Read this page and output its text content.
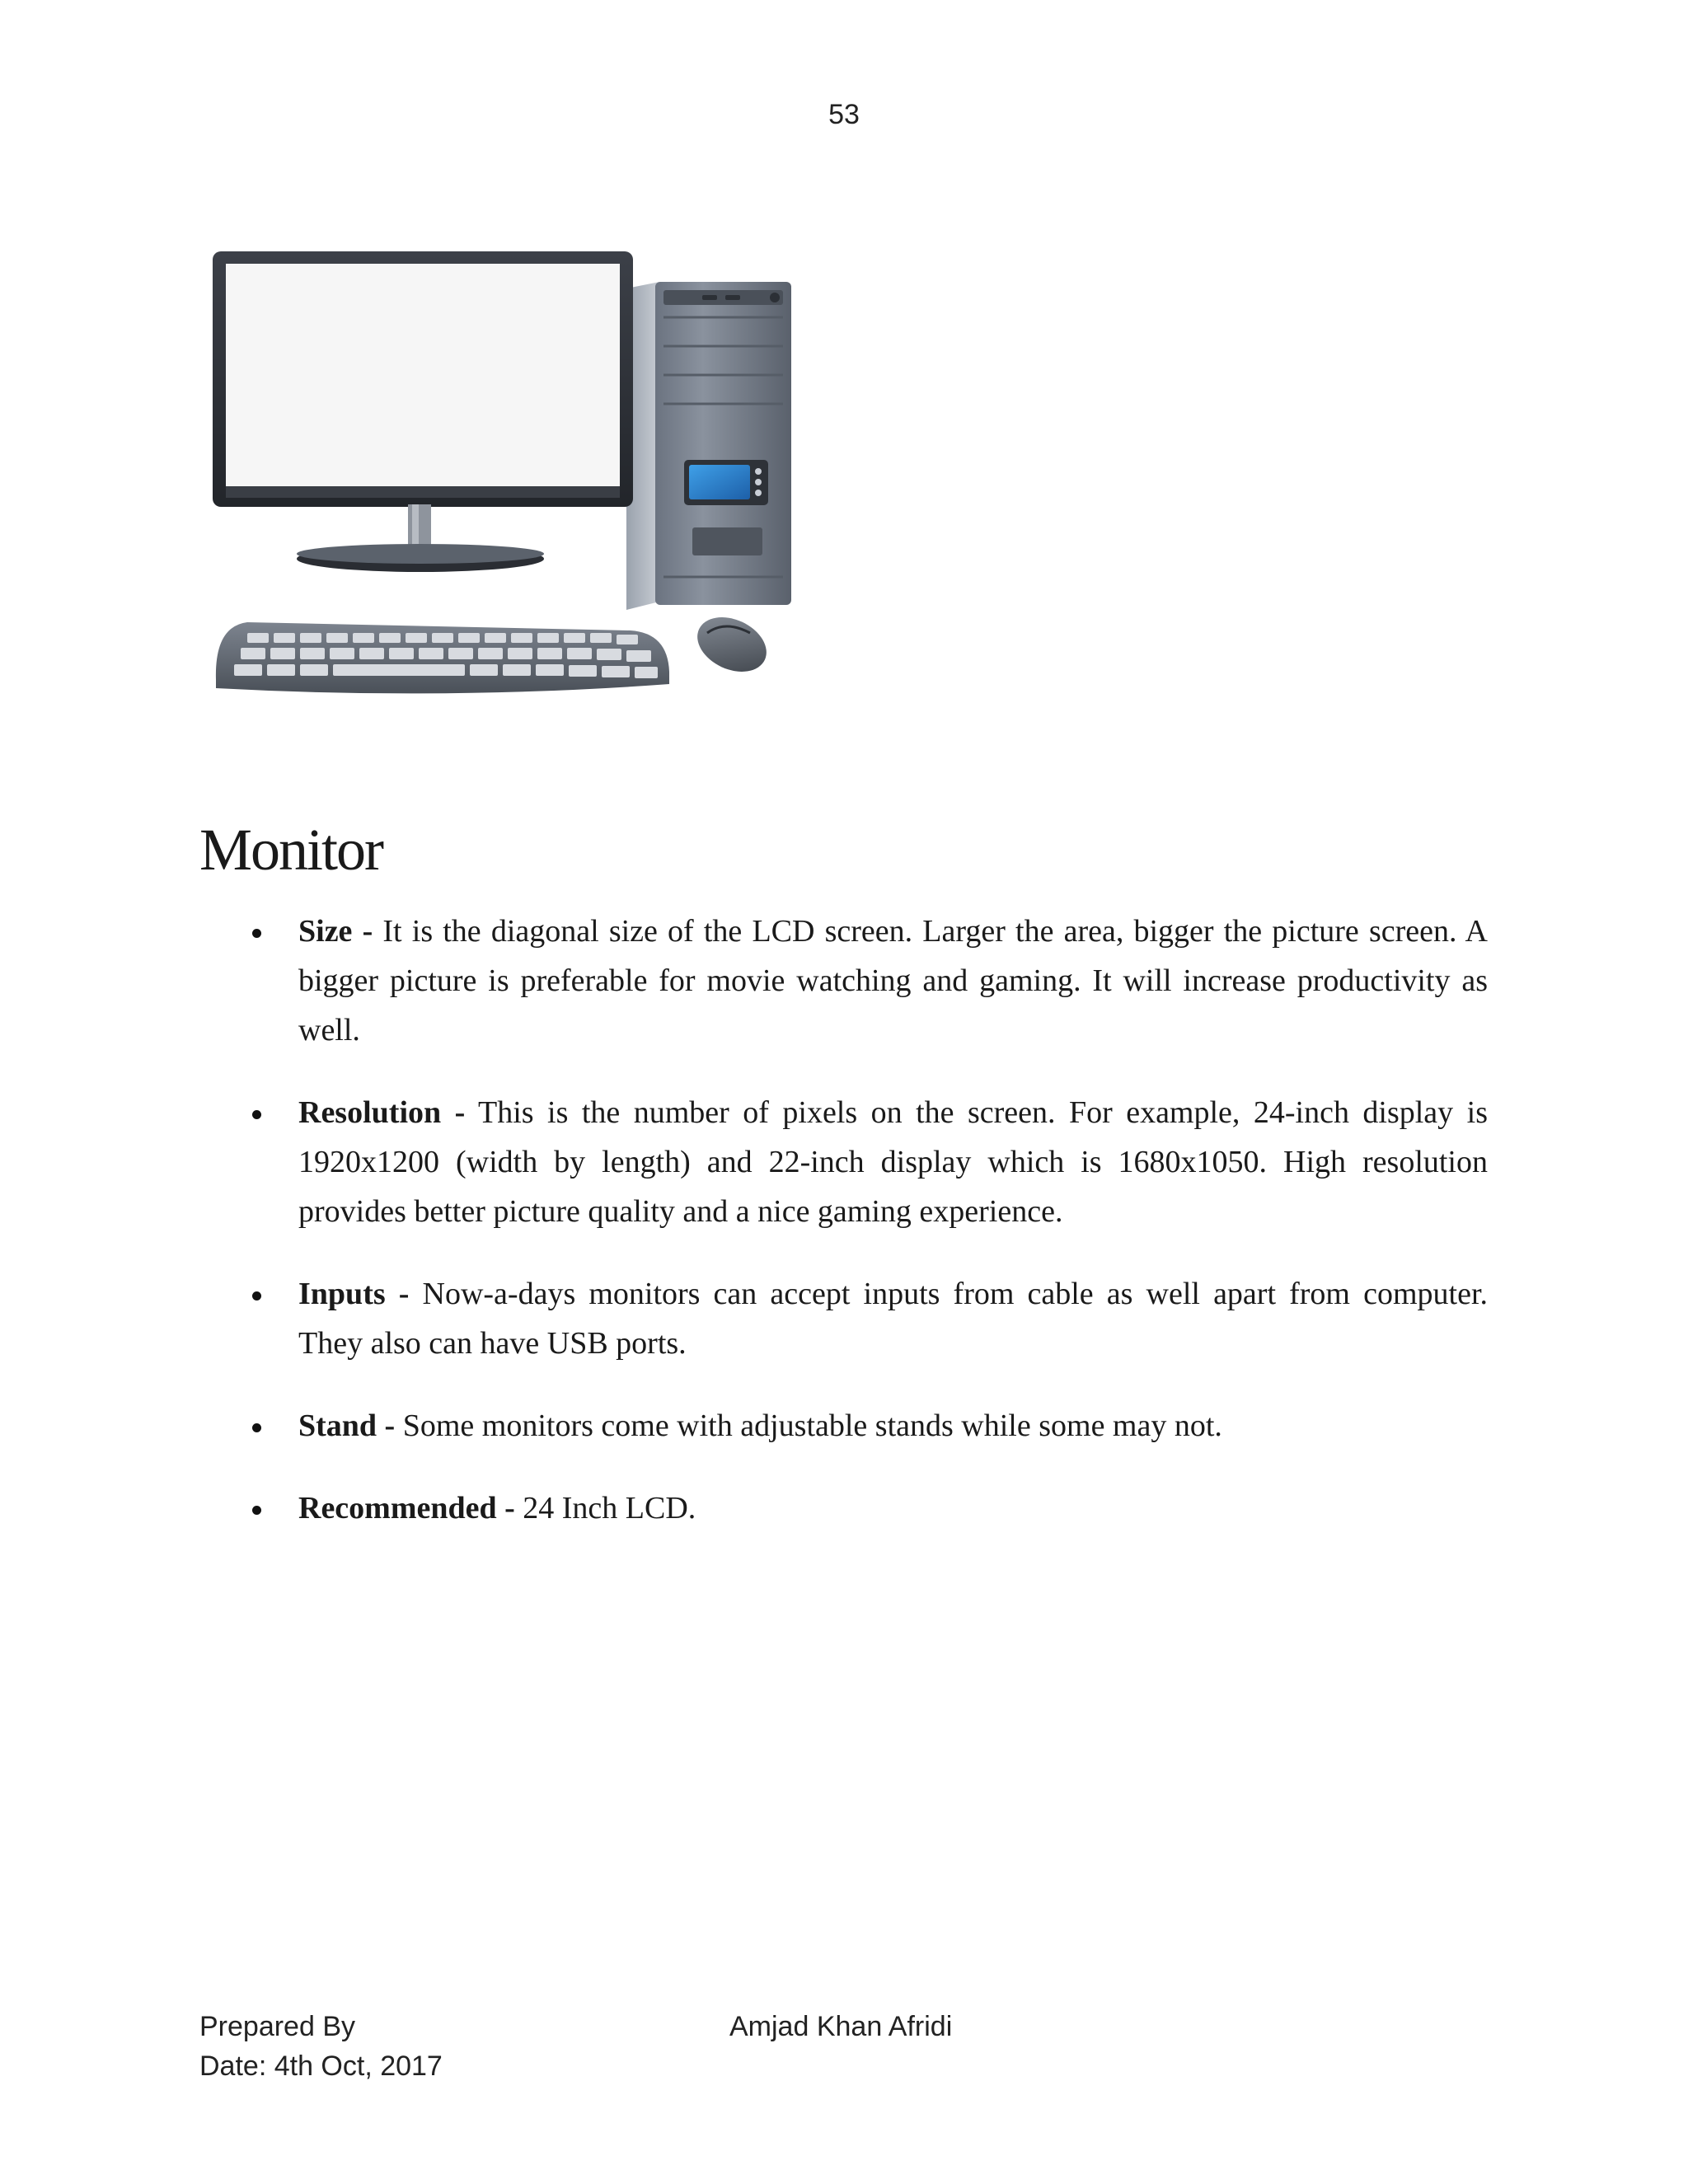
53
Monitor
Size - It is the diagonal size of the LCD screen. Larger the area, bigger the picture screen. A bigger picture is preferable for movie watching and gaming. It will increase productivity as well.
Resolution - This is the number of pixels on the screen. For example, 24-inch display is 1920x1200 (width by length) and 22-inch display which is 1680x1050. High resolution provides better picture quality and a nice gaming experience.
Inputs - Now-a-days monitors can accept inputs from cable as well apart from computer. They also can have USB ports.
Stand - Some monitors come with adjustable stands while some may not.
Recommended - 24 Inch LCD.
Prepared By
Date: 4th Oct, 2017
Amjad Khan Afridi
